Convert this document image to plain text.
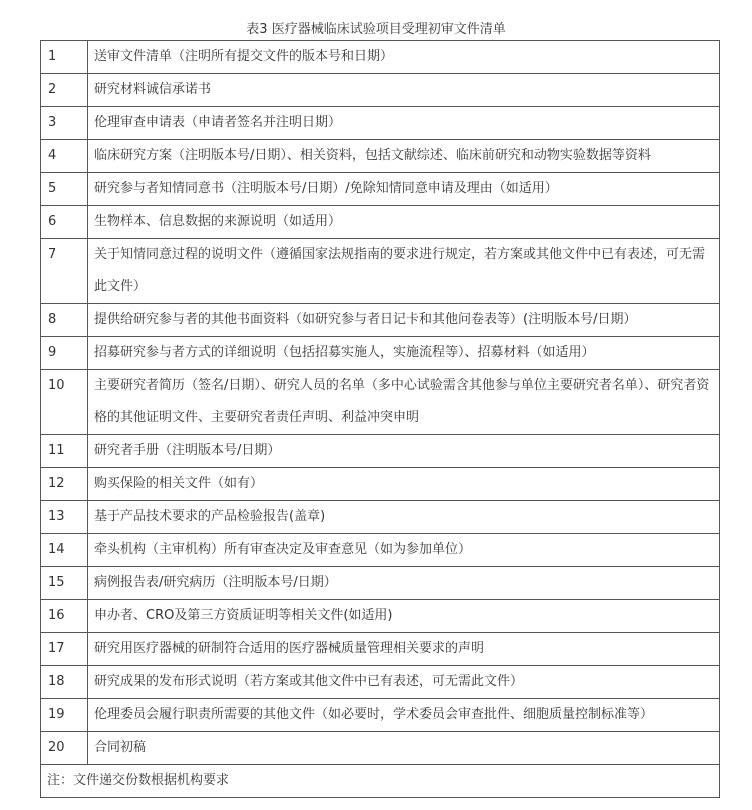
表3 医疗器械临床试验项目受理初审文件清单
1	送审文件清单（注明所有提交文件的版本号和日期）
2	研究材料诚信承诺书
3	伦理审查申请表（申请者签名并注明日期）
4	临床研究方案（注明版本号/日期）、相关资料，包括文献综述、临床前研究和动物实验数据等资料
5	研究参与者知情同意书（注明版本号/日期）/免除知情同意申请及理由（如适用）
6	生物样本、信息数据的来源说明（如适用）
7	关于知情同意过程的说明文件（遵循国家法规指南的要求进行规定，若方案或其他文件中已有表述，可无需此文件）
8	提供给研究参与者的其他书面资料（如研究参与者日记卡和其他问卷表等）(注明版本号/日期）
9	招募研究参与者方式的详细说明（包括招募实施人，实施流程等）、招募材料（如适用）
10	主要研究者简历（签名/日期）、研究人员的名单（多中心试验需含其他参与单位主要研究者名单）、研究者资格的其他证明文件、主要研究者责任声明、利益冲突申明
11	研究者手册（注明版本号/日期）
12	购买保险的相关文件（如有）
13	基于产品技术要求的产品检验报告(盖章)
14	牵头机构（主审机构）所有审查决定及审查意见（如为参加单位）
15	病例报告表/研究病历（注明版本号/日期）
16	申办者、CRO及第三方资质证明等相关文件(如适用)
17	研究用医疗器械的研制符合适用的医疗器械质量管理相关要求的声明
18	研究成果的发布形式说明（若方案或其他文件中已有表述，可无需此文件）
19	伦理委员会履行职责所需要的其他文件（如必要时，学术委员会审查批件、细胞质量控制标准等）
20	合同初稿
注：文件递交份数根据机构要求	
